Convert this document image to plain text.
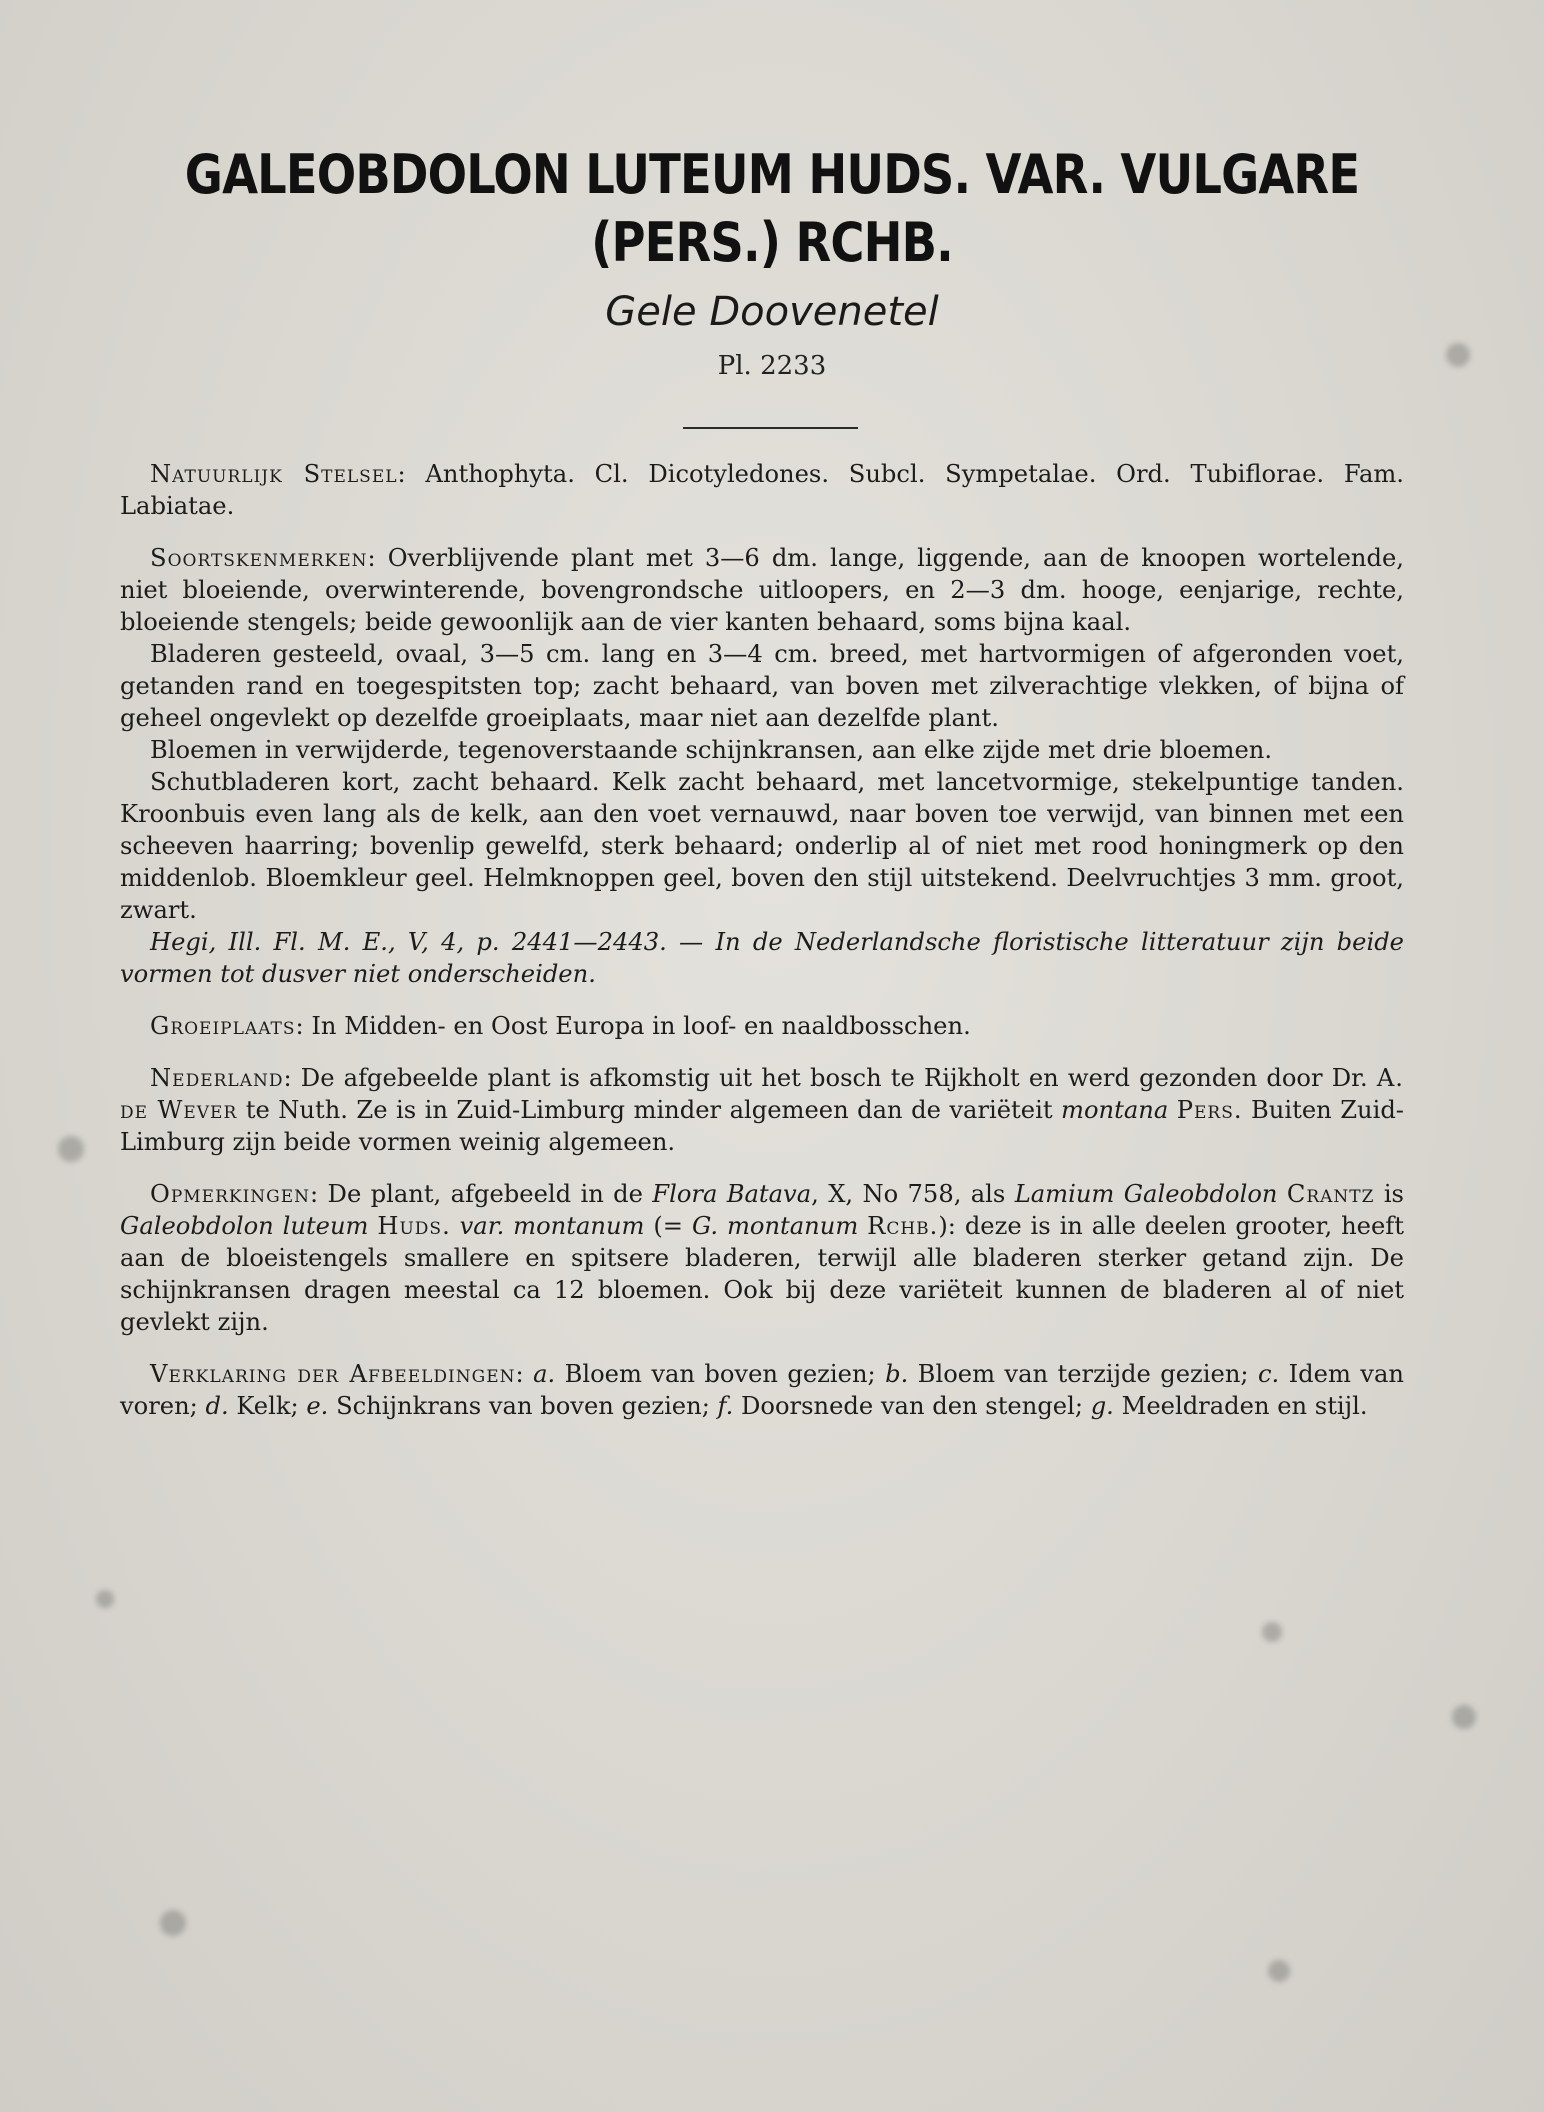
GALEOBDOLON LUTEUM HUDS. VAR. VULGARE
(PERS.) RCHB.
Gele Doovenetel
Pl. 2233

Natuurlijk Stelsel: Anthophyta. Cl. Dicotyledones. Subcl. Sympetalae. Ord. Tubiflorae. Fam. Labiatae.

Soortskenmerken: Overblijvende plant met 3—6 dm. lange, liggende, aan de knoopen wortelende, niet bloeiende, overwinterende, bovengrondsche uitloopers, en 2—3 dm. hooge, eenjarige, rechte, bloeiende stengels; beide gewoonlijk aan de vier kanten behaard, soms bijna kaal.

Bladeren gesteeld, ovaal, 3—5 cm. lang en 3—4 cm. breed, met hartvormigen of afgeronden voet, getanden rand en toegespitsten top; zacht behaard, van boven met zilverachtige vlekken, of bijna of geheel ongevlekt op dezelfde groeiplaats, maar niet aan dezelfde plant.

Bloemen in verwijderde, tegenoverstaande schijnkransen, aan elke zijde met drie bloemen.

Schutbladeren kort, zacht behaard. Kelk zacht behaard, met lancetvormige, stekelpuntige tanden. Kroonbuis even lang als de kelk, aan den voet vernauwd, naar boven toe verwijd, van binnen met een scheeven haarring; bovenlip gewelfd, sterk behaard; onderlip al of niet met rood honingmerk op den middenlob. Bloemkleur geel. Helmknoppen geel, boven den stijl uitstekend. Deelvruchtjes 3 mm. groot, zwart.

Hegi, Ill. Fl. M. E., V, 4, p. 2441—2443. — In de Nederlandsche floristische litteratuur zijn beide vormen tot dusver niet onderscheiden.

Groeiplaats: In Midden- en Oost Europa in loof- en naaldbosschen.

Nederland: De afgebeelde plant is afkomstig uit het bosch te Rijkholt en werd gezonden door Dr. A. de Wever te Nuth. Ze is in Zuid-Limburg minder algemeen dan de variëteit montana Pers. Buiten Zuid-Limburg zijn beide vormen weinig algemeen.

Opmerkingen: De plant, afgebeeld in de Flora Batava, X, No 758, als Lamium Galeobdolon Crantz is Galeobdolon luteum Huds. var. montanum (= G. montanum Rchb.): deze is in alle deelen grooter, heeft aan de bloeistengels smallere en spitsere bladeren, terwijl alle bladeren sterker getand zijn. De schijnkransen dragen meestal ca 12 bloemen. Ook bij deze variëteit kunnen de bladeren al of niet gevlekt zijn.

Verklaring der Afbeeldingen: a. Bloem van boven gezien; b. Bloem van terzijde gezien; c. Idem van voren; d. Kelk; e. Schijnkrans van boven gezien; f. Doorsnede van den stengel; g. Meeldraden en stijl.
